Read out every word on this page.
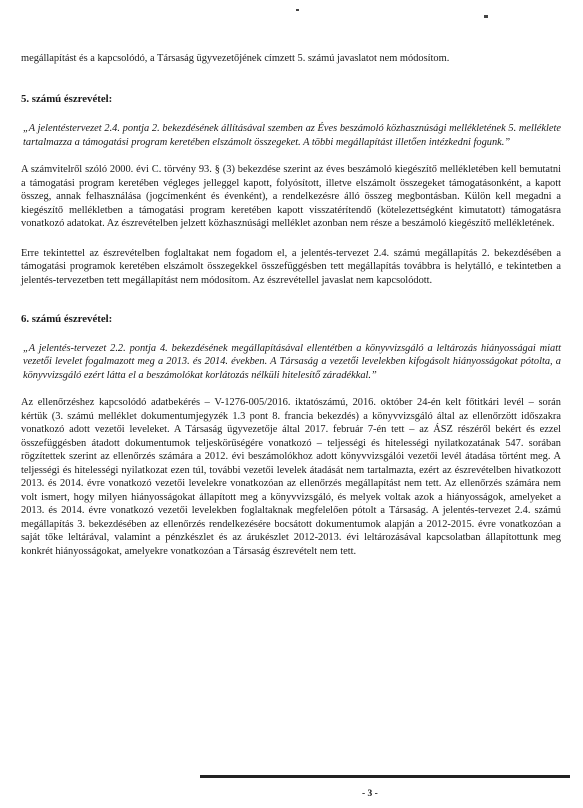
megállapítást és a kapcsolódó, a Társaság ügyvezetőjének címzett 5. számú javaslatot nem módosítom.

5. számú észrevétel:

„A jelentéstervezet 2.4. pontja 2. bekezdésének állításával szemben az Éves beszámoló közhasznúsági mellékletének 5. melléklete tartalmazza a támogatási program keretében elszámolt összegeket. A többi megállapítást illetően intézkedni fogunk.”

A számvitelről szóló 2000. évi C. törvény 93. § (3) bekezdése szerint az éves beszámoló kiegészítő mellékletében kell bemutatni a támogatási program keretében végleges jelleggel kapott, folyósított, illetve elszámolt összegeket támogatásonként, a kapott összeg, annak felhasználása (jogcímenként és évenként), a rendelkezésre álló összeg megbontásban. Külön kell megadni a kiegészítő mellékletben a támogatási program keretében kapott visszatérítendő (kötelezettségként kimutatott) támogatásra vonatkozó adatokat. Az észrevételben jelzett közhasznúsági melléklet azonban nem része a beszámoló kiegészítő mellékletének.

Erre tekintettel az észrevételben foglaltakat nem fogadom el, a jelentés-tervezet 2.4. számú megállapítás 2. bekezdésében a támogatási programok keretében elszámolt összegekkel összefüggésben tett megállapítás továbbra is helytálló, e tekintetben a jelentés-tervezetben tett megállapítást nem módosítom. Az észrevétellel javaslat nem kapcsolódott.

6. számú észrevétel:

„A jelentés-tervezet 2.2. pontja 4. bekezdésének megállapításával ellentétben a könyvvizsgáló a leltározás hiányosságai miatt vezetői levelet fogalmazott meg a 2013. és 2014. években. A Társaság a vezetői levelekben kifogásolt hiányosságokat pótolta, a könyvvizsgáló ezért látta el a beszámolókat korlátozás nélküli hitelesítő záradékkal.”

Az ellenőrzéshez kapcsolódó adatbekérés – V-1276-005/2016. iktatószámú, 2016. október 24-én kelt főtitkári levél – során kértük (3. számú melléklet dokumentumjegyzék 1.3 pont 8. francia bekezdés) a könyvvizsgáló által az ellenőrzött időszakra vonatkozó adott vezetői leveleket. A Társaság ügyvezetője által 2017. február 7-én tett – az ÁSZ részéről bekért és ezzel összefüggésben átadott dokumentumok teljeskörűségére vonatkozó – teljességi és hitelességi nyilatkozatának 547. sorában rögzítettek szerint az ellenőrzés számára a 2012. évi beszámolókhoz adott könyvvizsgálói vezetői levél átadása történt meg. A teljességi és hitelességi nyilatkozat ezen túl, további vezetői levelek átadását nem tartalmazta, ezért az észrevételben hivatkozott 2013. és 2014. évre vonatkozó vezetői levelekre vonatkozóan az ellenőrzés megállapítást nem tett. Az ellenőrzés számára nem volt ismert, hogy milyen hiányosságokat állapított meg a könyvvizsgáló, és melyek voltak azok a hiányosságok, amelyeket a 2013. és 2014. évre vonatkozó vezetői levelekben foglaltaknak megfelelően pótolt a Társaság. A jelentés-tervezet 2.4. számú megállapítás 3. bekezdésében az ellenőrzés rendelkezésére bocsátott dokumentumok alapján a 2012-2015. évre vonatkozóan a saját tőke leltárával, valamint a pénzkészlet és az árukészlet 2012-2013. évi leltározásával kapcsolatban állapítottunk meg konkrét hiányosságokat, amelyekre vonatkozóan a Társaság észrevételt nem tett.

- 3 -
